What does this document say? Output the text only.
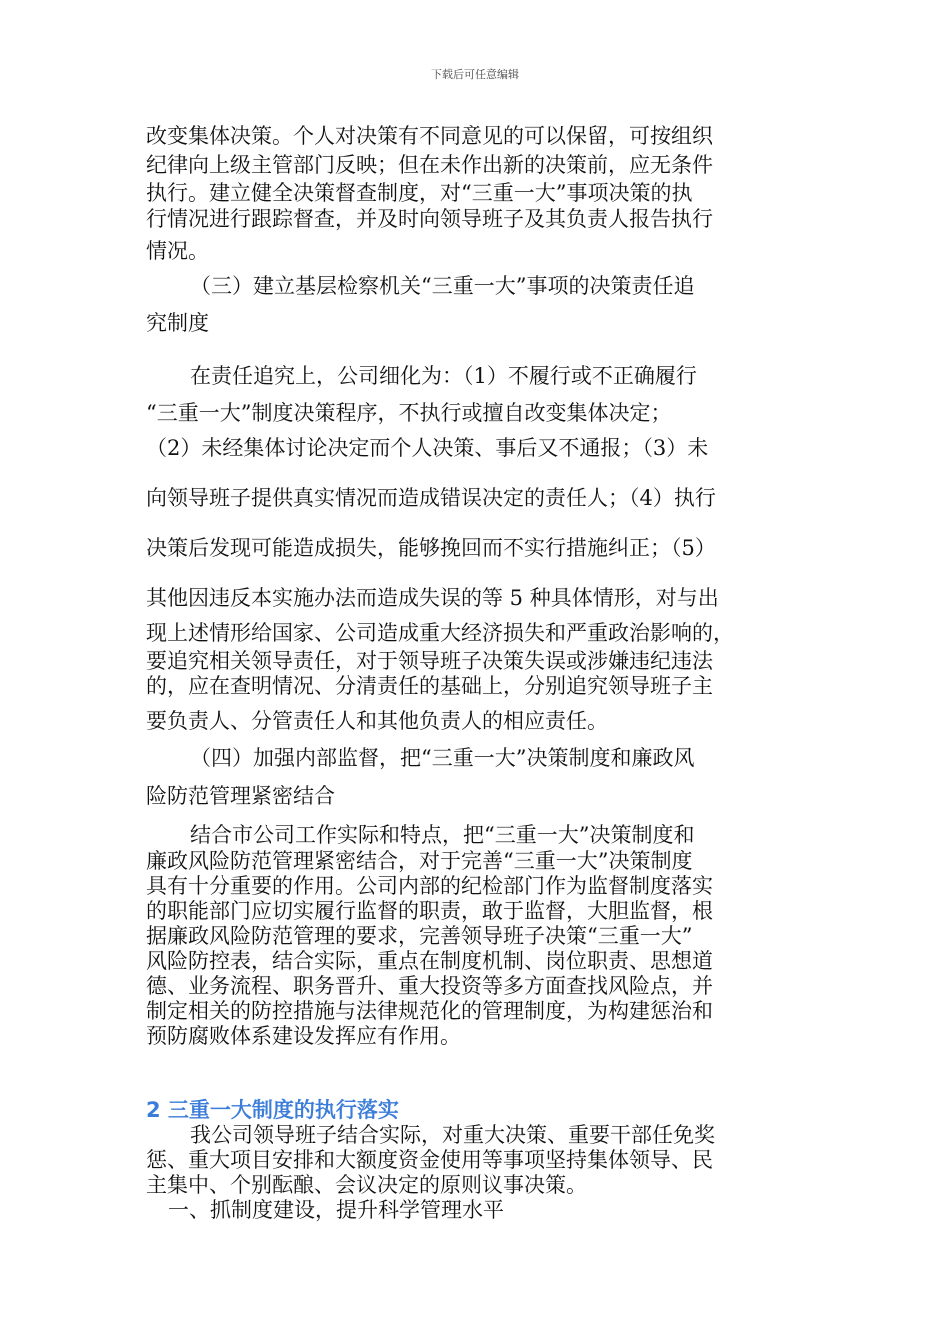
下载后可任意编辑
改变集体决策。个人对决策有不同意见的可以保留，可按组织
纪律向上级主管部门反映；但在未作出新的决策前，应无条件
执行。建立健全决策督查制度，对“三重一大”事项决策的执
行情况进行跟踪督查，并及时向领导班子及其负责人报告执行
情况。
（三）建立基层检察机关“三重一大”事项的决策责任追
究制度
在责任追究上，公司细化为：（1）不履行或不正确履行
“三重一大”制度决策程序，不执行或擅自改变集体决定；
（2）未经集体讨论决定而个人决策、事后又不通报；（3）未
向领导班子提供真实情况而造成错误决定的责任人；（4）执行
决策后发现可能造成损失，能够挽回而不实行措施纠正；（5）
其他因违反本实施办法而造成失误的等 5 种具体情形，对与出
现上述情形给国家、公司造成重大经济损失和严重政治影响的，
要追究相关领导责任，对于领导班子决策失误或涉嫌违纪违法
的，应在查明情况、分清责任的基础上，分别追究领导班子主
要负责人、分管责任人和其他负责人的相应责任。
（四）加强内部监督，把“三重一大”决策制度和廉政风
险防范管理紧密结合
结合市公司工作实际和特点，把“三重一大”决策制度和
廉政风险防范管理紧密结合，对于完善“三重一大”决策制度
具有十分重要的作用。公司内部的纪检部门作为监督制度落实
的职能部门应切实履行监督的职责，敢于监督，大胆监督，根
据廉政风险防范管理的要求，完善领导班子决策“三重一大”
风险防控表，结合实际，重点在制度机制、岗位职责、思想道
德、业务流程、职务晋升、重大投资等多方面查找风险点，并
制定相关的防控措施与法律规范化的管理制度，为构建惩治和
预防腐败体系建设发挥应有作用。
2 三重一大制度的执行落实
我公司领导班子结合实际，对重大决策、重要干部任免奖
惩、重大项目安排和大额度资金使用等事项坚持集体领导、民
主集中、个别酝酿、会议决定的原则议事决策。
一、抓制度建设，提升科学管理水平
